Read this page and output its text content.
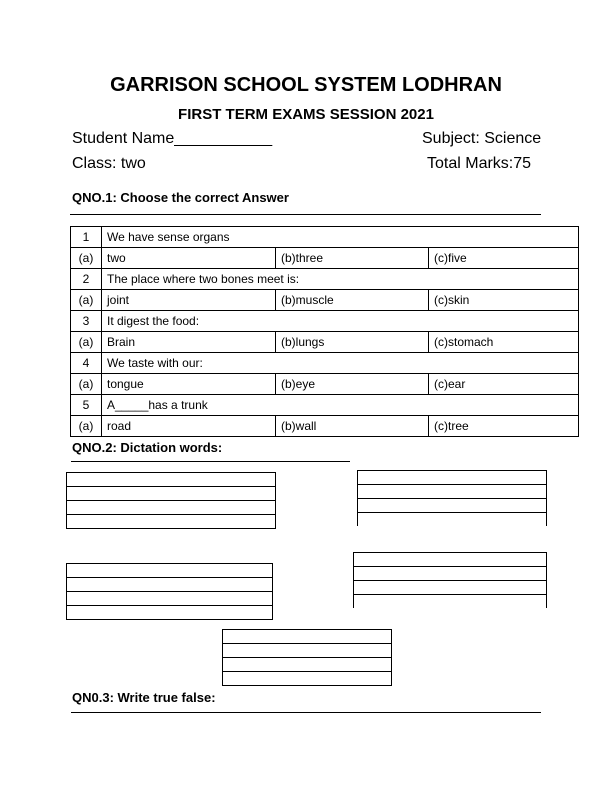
GARRISON SCHOOL SYSTEM LODHRAN
FIRST TERM EXAMS SESSION 2021
Student Name___________	Subject: Science
Class: two	Total Marks:75
QNO.1: Choose the correct Answer
1	We have sense organs		
(a)	two	(b)three	(c)five
2	The place where two bones meet is:		
(a)	joint	(b)muscle	(c)skin
3	It digest the food:		
(a)	Brain	(b)lungs	(c)stomach
4	We taste with our:		
(a)	tongue	(b)eye	(c)ear
5	A_____has a trunk		
(a)	road	(b)wall	(c)tree
QNO.2: Dictation words:
QN0.3: Write true false:
